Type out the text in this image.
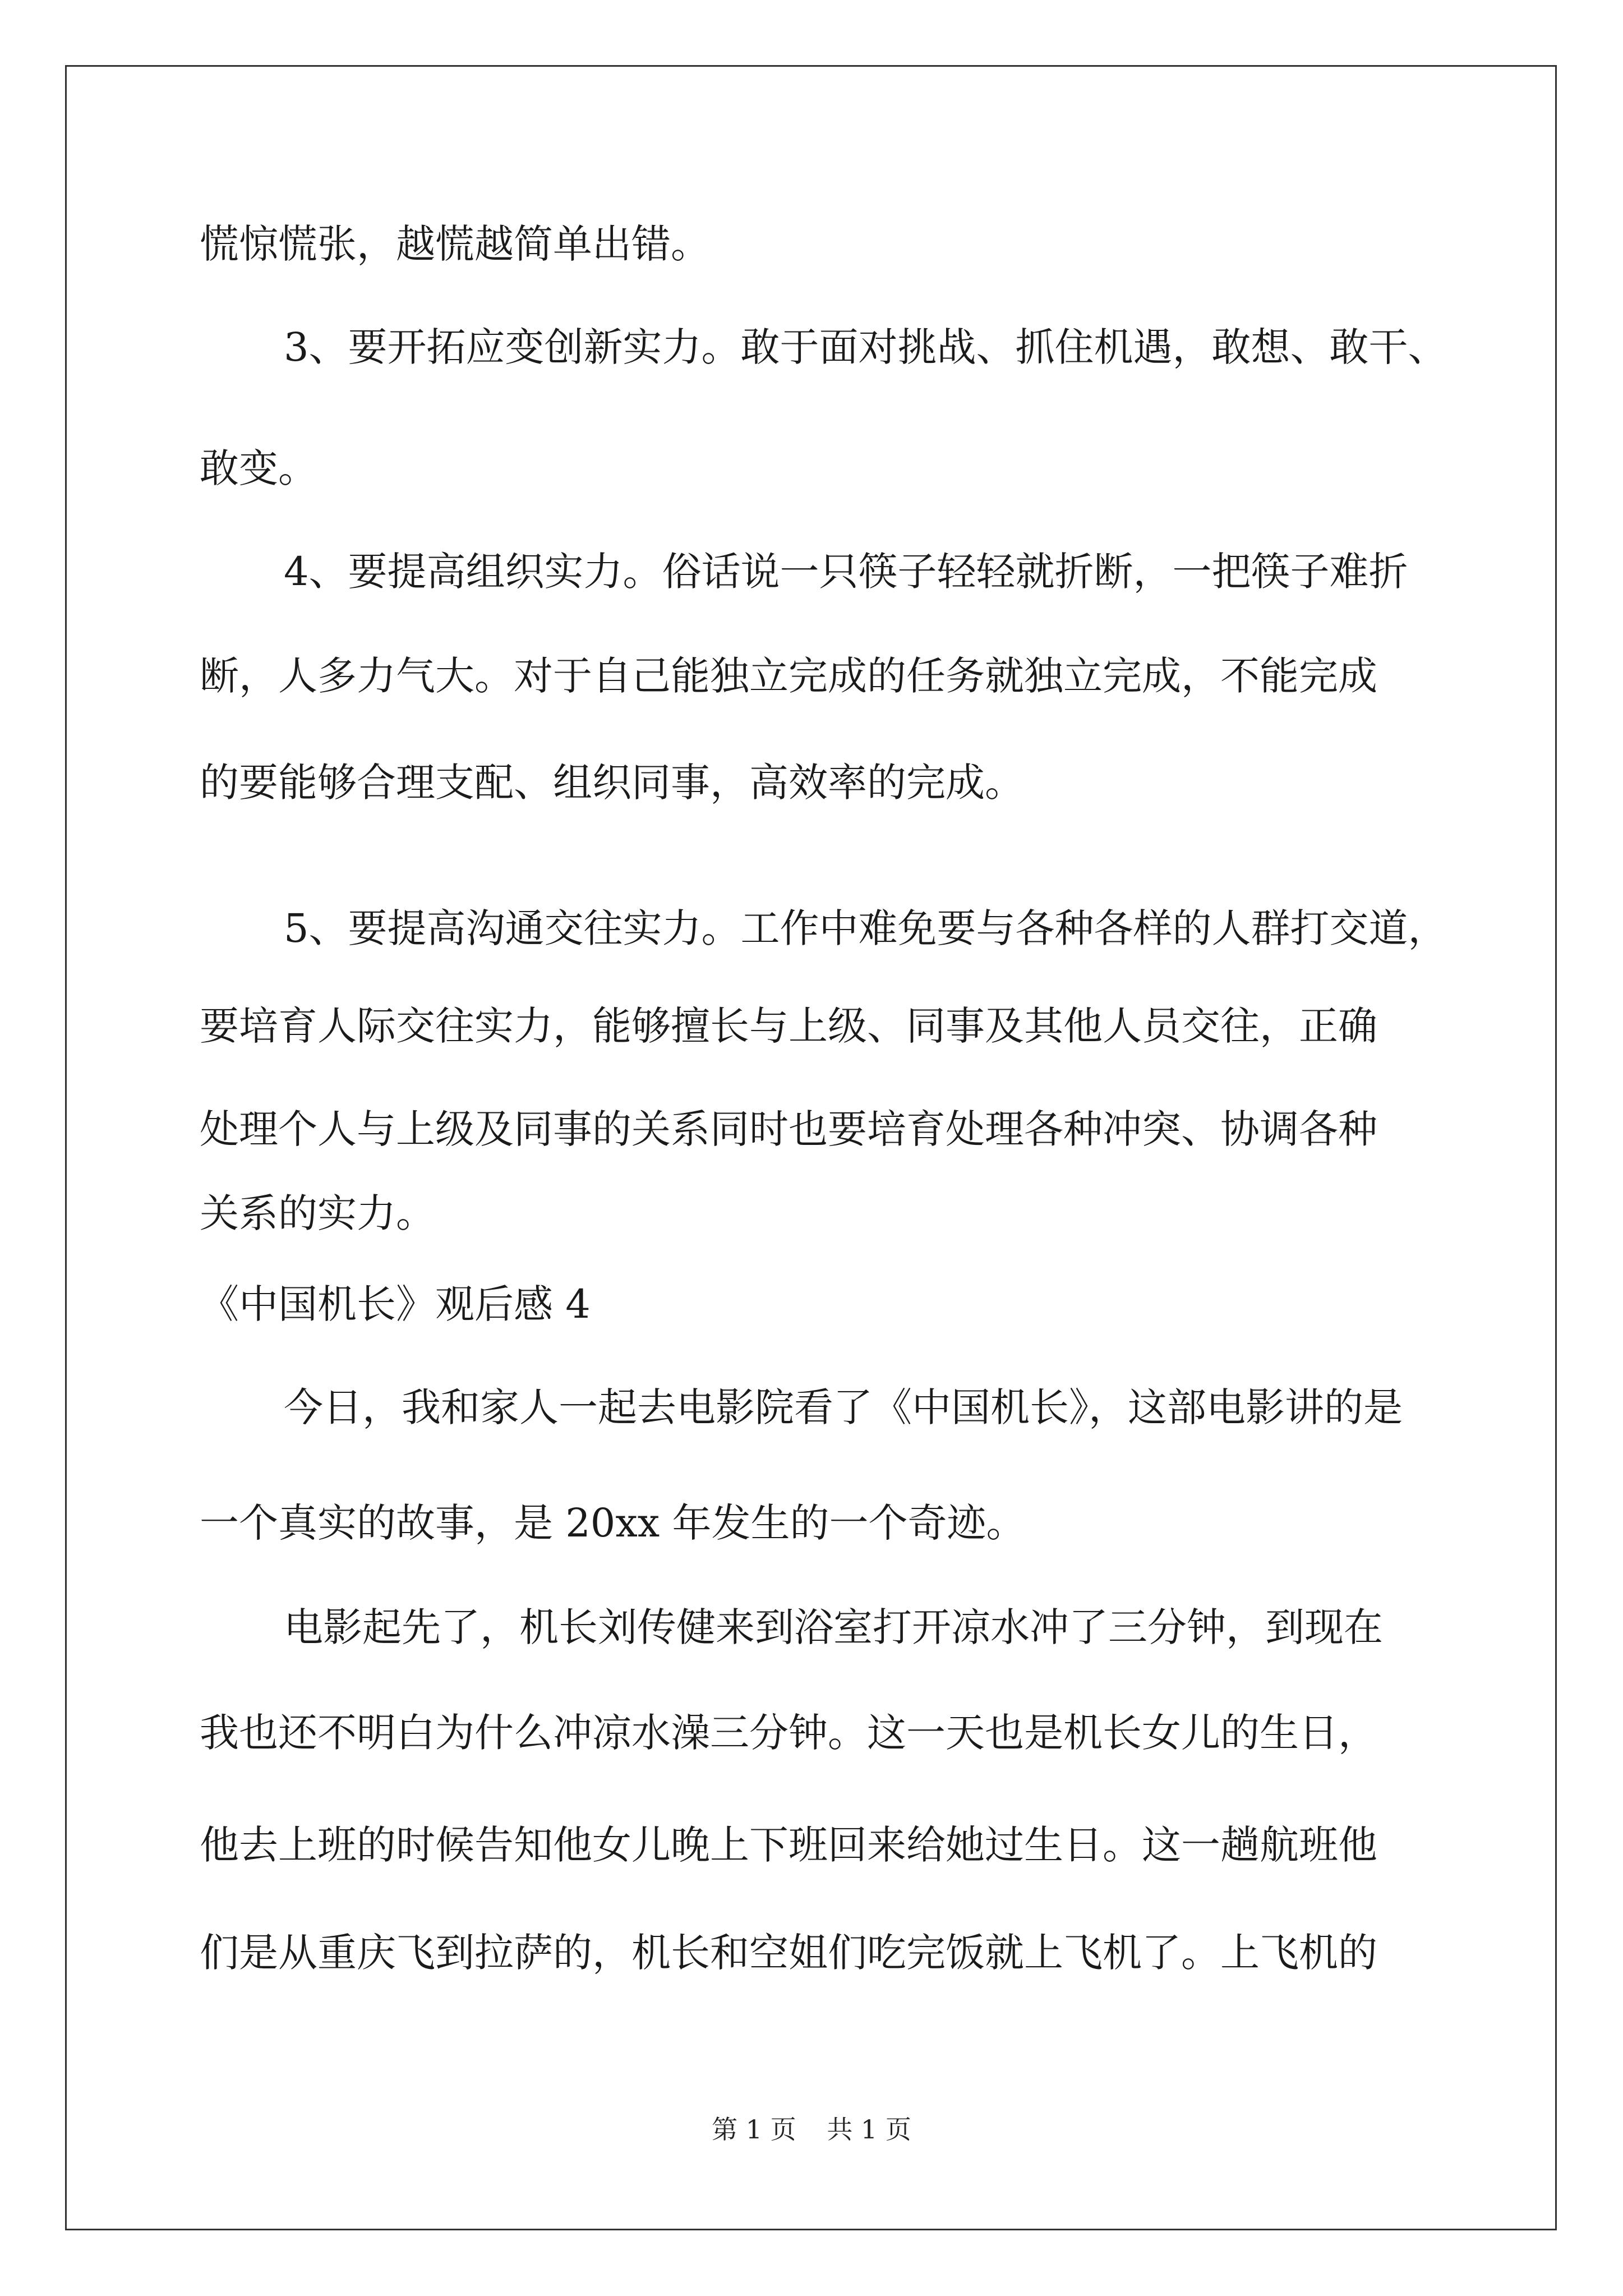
慌惊慌张，越慌越简单出错。
3、要开拓应变创新实力。敢于面对挑战、抓住机遇，敢想、敢干、
敢变。
4、要提高组织实力。俗话说一只筷子轻轻就折断，一把筷子难折
断，人多力气大。对于自己能独立完成的任务就独立完成，不能完成
的要能够合理支配、组织同事，高效率的完成。
5、要提高沟通交往实力。工作中难免要与各种各样的人群打交道，
要培育人际交往实力，能够擅长与上级、同事及其他人员交往，正确
处理个人与上级及同事的关系同时也要培育处理各种冲突、协调各种
关系的实力。
《中国机长》观后感 4
今日，我和家人一起去电影院看了《中国机长》，这部电影讲的是
一个真实的故事，是 20xx 年发生的一个奇迹。
电影起先了，机长刘传健来到浴室打开凉水冲了三分钟，到现在
我也还不明白为什么冲凉水澡三分钟。这一天也是机长女儿的生日，
他去上班的时候告知他女儿晚上下班回来给她过生日。这一趟航班他
们是从重庆飞到拉萨的，机长和空姐们吃完饭就上飞机了。上飞机的
第 1 页 共 1 页
